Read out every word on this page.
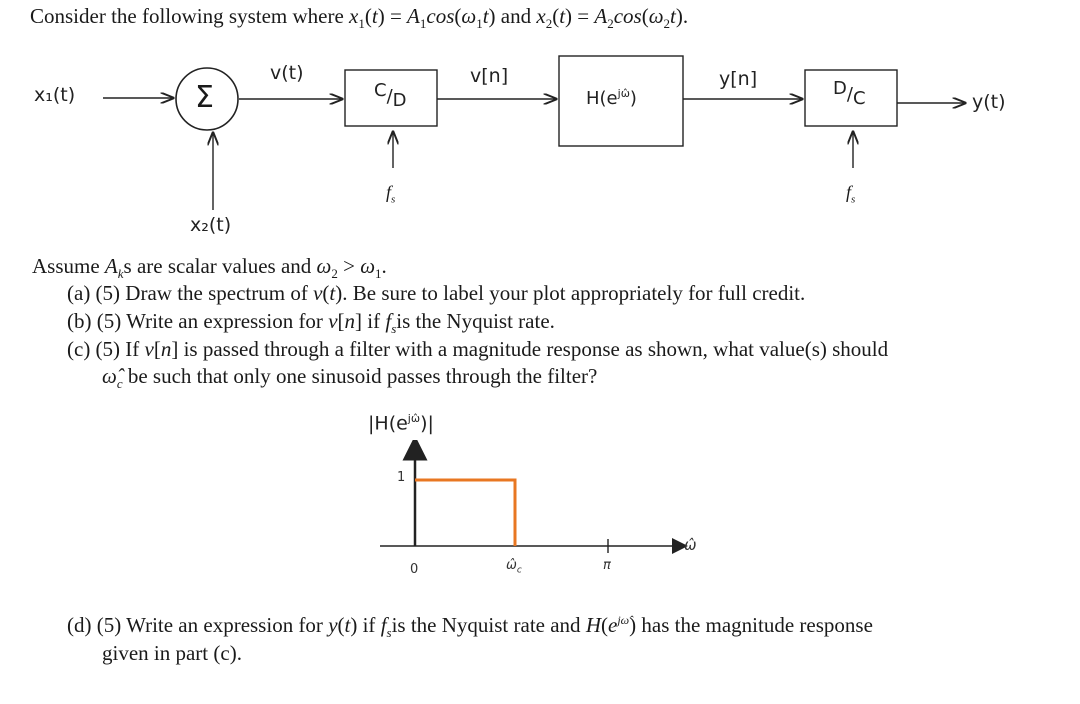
Consider the following system where $x_1(t) = A_1\cos(\omega_1t)$ and $x_2(t) = A_2\cos(\omega_2t)$.
x₁(t)	Σ
v(t)
C/D
v[n]
$H(e^{j\omegâ})$
y[n]	D/C	y(t)
$f_s$	$f_s$
x₂(t)
Assume $A_ks$ are scalar values and $\omega_2 > \omega_1$.
(a) (5) Draw the spectrum of v(t). Be sure to label your plot appropriately for full credit.
(b) (5) Write an expression for v[n] if $f_sis$ the Nyquist rate.
(c) (5) If v[n] is passed through a filter with a magnitude response as shown, what value(s) should
$\omegâ_c$ be such that only one sinusoid passes through the filter?
$|H(e^{j\omegâ})|$
1
0	$\omegâ_c$	π
ω̂
(d) (5) Write an expression for y(t) if $f_sis$ the Nyquist rate and $H(e^{j\omegâ})$ has the magnitude response
given in part (c).
